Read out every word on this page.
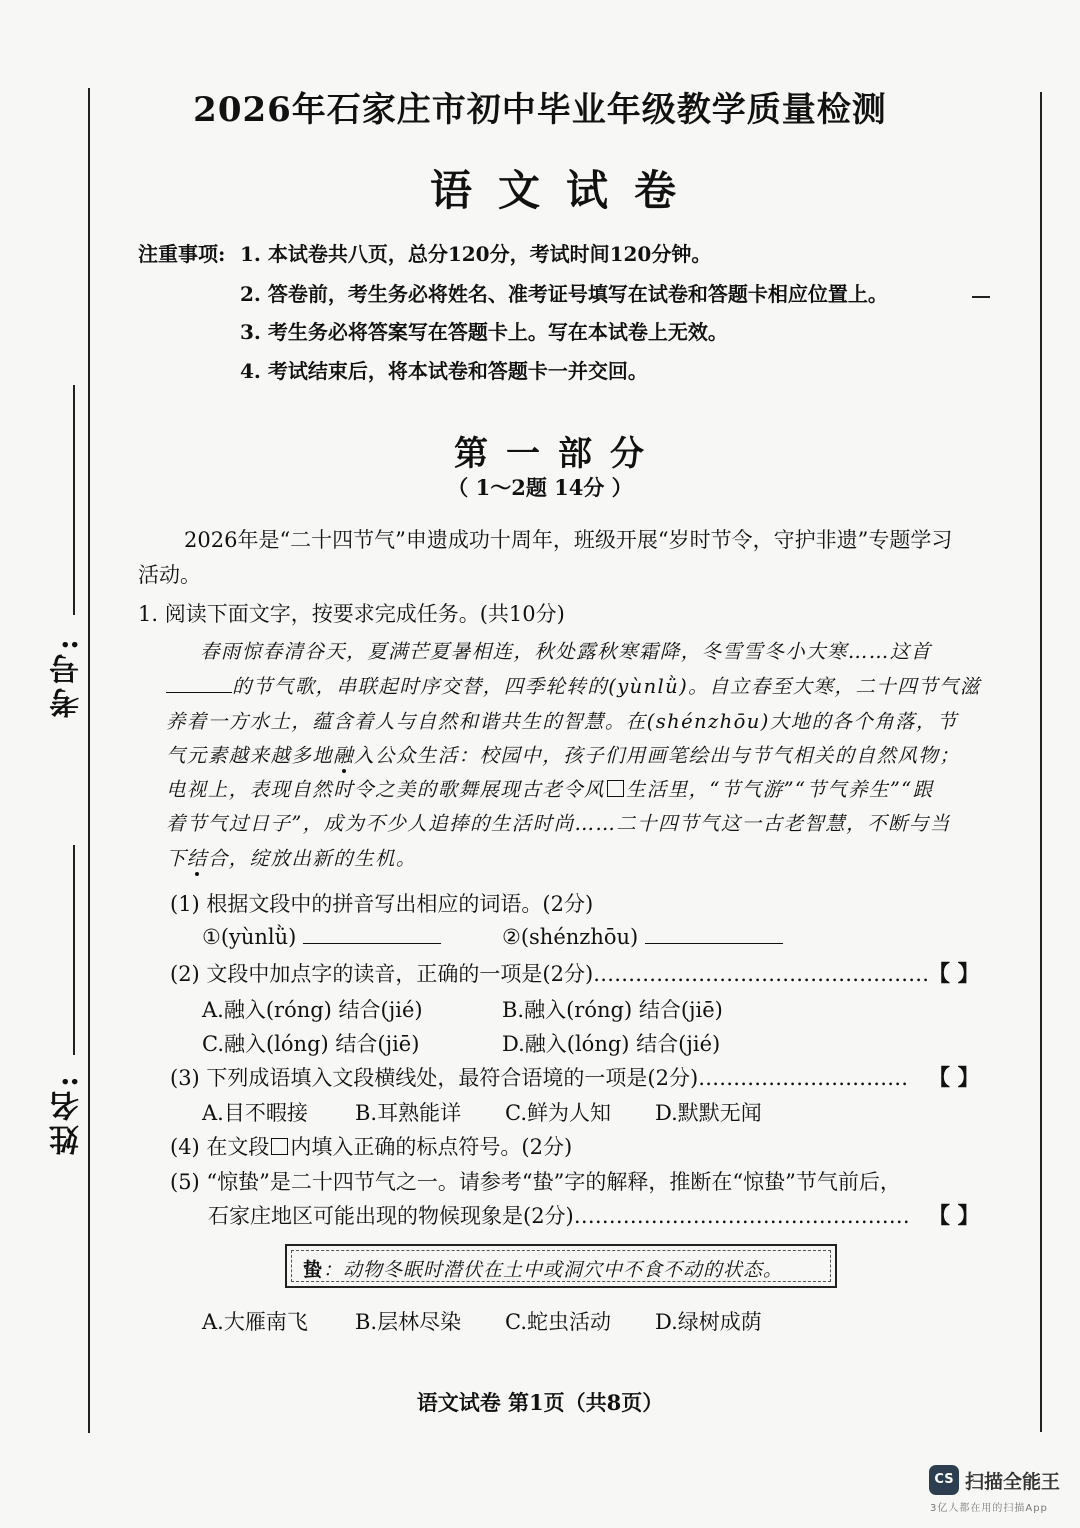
考号:
姓名:
2026年石家庄市初中毕业年级教学质量检测
语文试卷
注重事项: 1. 本试卷共八页，总分120分，考试时间120分钟。
2. 答卷前，考生务必将姓名、准考证号填写在试卷和答题卡相应位置上。
3. 考生务必将答案写在答题卡上。写在本试卷上无效。
4. 考试结束后，将本试卷和答题卡一并交回。
第一部分
（ 1～2题 14分 ）
2026年是“二十四节气”申遗成功十周年，班级开展“岁时节令，守护非遗”专题学习
活动。
1. 阅读下面文字，按要求完成任务。(共10分)
春雨惊春清谷天，夏满芒夏暑相连，秋处露秋寒霜降，冬雪雪冬小大寒……这首
的节气歌，串联起时序交替，四季轮转的(yùnlǜ)。自立春至大寒，二十四节气滋
养着一方水土，蕴含着人与自然和谐共生的智慧。在(shénzhōu)大地的各个角落，节
气元素越来越多地融入公众生活：校园中，孩子们用画笔绘出与节气相关的自然风物；
电视上，表现自然时令之美的歌舞展现古老令风 生活里，“节气游”“节气养生”“跟
着节气过日子”，成为不少人追捧的生活时尚……二十四节气这一古老智慧，不断与当
下结合，绽放出新的生机。
(1) 根据文段中的拼音写出相应的词语。(2分)
①(yùnlǜ)	②(shénzhōu)
(2) 文段中加点字的读音，正确的一项是(2分)…………………………………………
【 】
A.融入(róng) 结合(jié)	B.融入(róng) 结合(jiē)
C.融入(lóng) 结合(jiē)	D.融入(lóng) 结合(jié)
(3) 下列成语填入文段横线处，最符合语境的一项是(2分)………………………… 【 】
A.目不暇接 B.耳熟能详 C.鲜为人知 D.默默无闻
(4) 在文段 内填入正确的标点符号。(2分)
(5) “惊蛰”是二十四节气之一。请参考“蛰”字的解释，推断在“惊蛰”节气前后，
石家庄地区可能出现的物候现象是(2分)………………………………………… 【 】
蛰：动物冬眠时潜伏在土中或洞穴中不食不动的状态。
A.大雁南飞 B.层林尽染 C.蛇虫活动 D.绿树成荫
语文试卷 第1页（共8页）
CS 扫描全能王
3亿人都在用的扫描App
